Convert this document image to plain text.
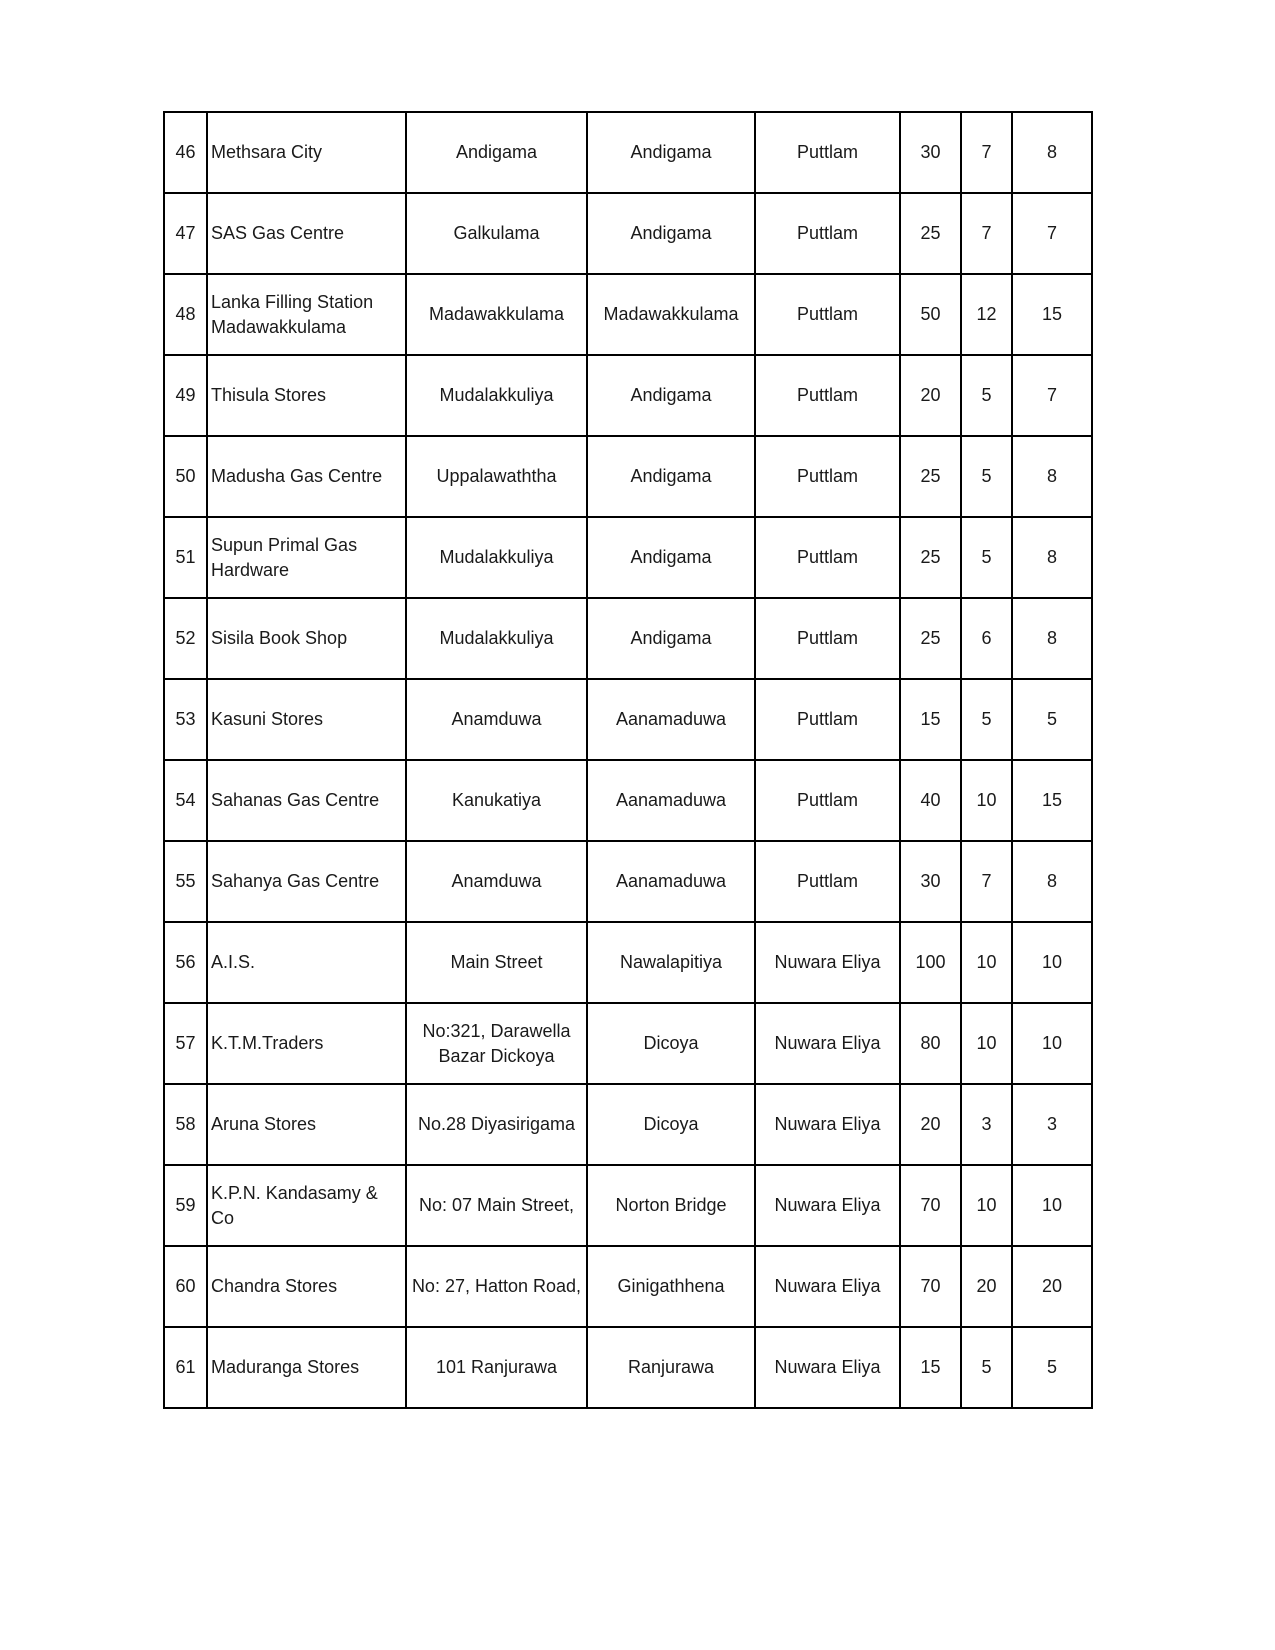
46	Methsara City	Andigama	Andigama	Puttlam	30	7	8
47	SAS Gas Centre	Galkulama	Andigama	Puttlam	25	7	7
48	Lanka Filling Station Madawakkulama	Madawakkulama	Madawakkulama	Puttlam	50	12	15
49	Thisula Stores	Mudalakkuliya	Andigama	Puttlam	20	5	7
50	Madusha Gas Centre	Uppalawaththa	Andigama	Puttlam	25	5	8
51	Supun Primal Gas Hardware	Mudalakkuliya	Andigama	Puttlam	25	5	8
52	Sisila Book Shop	Mudalakkuliya	Andigama	Puttlam	25	6	8
53	Kasuni Stores	Anamduwa	Aanamaduwa	Puttlam	15	5	5
54	Sahanas Gas Centre	Kanukatiya	Aanamaduwa	Puttlam	40	10	15
55	Sahanya Gas Centre	Anamduwa	Aanamaduwa	Puttlam	30	7	8
56	A.I.S.	Main Street	Nawalapitiya	Nuwara Eliya	100	10	10
57	K.T.M.Traders	No:321, Darawella Bazar Dickoya	Dicoya	Nuwara Eliya	80	10	10
58	Aruna Stores	No.28 Diyasirigama	Dicoya	Nuwara Eliya	20	3	3
59	K.P.N. Kandasamy & Co	No: 07 Main Street,	Norton Bridge	Nuwara Eliya	70	10	10
60	Chandra Stores	No: 27, Hatton Road,	Ginigathhena	Nuwara Eliya	70	20	20
61	Maduranga Stores	101 Ranjurawa	Ranjurawa	Nuwara Eliya	15	5	5
